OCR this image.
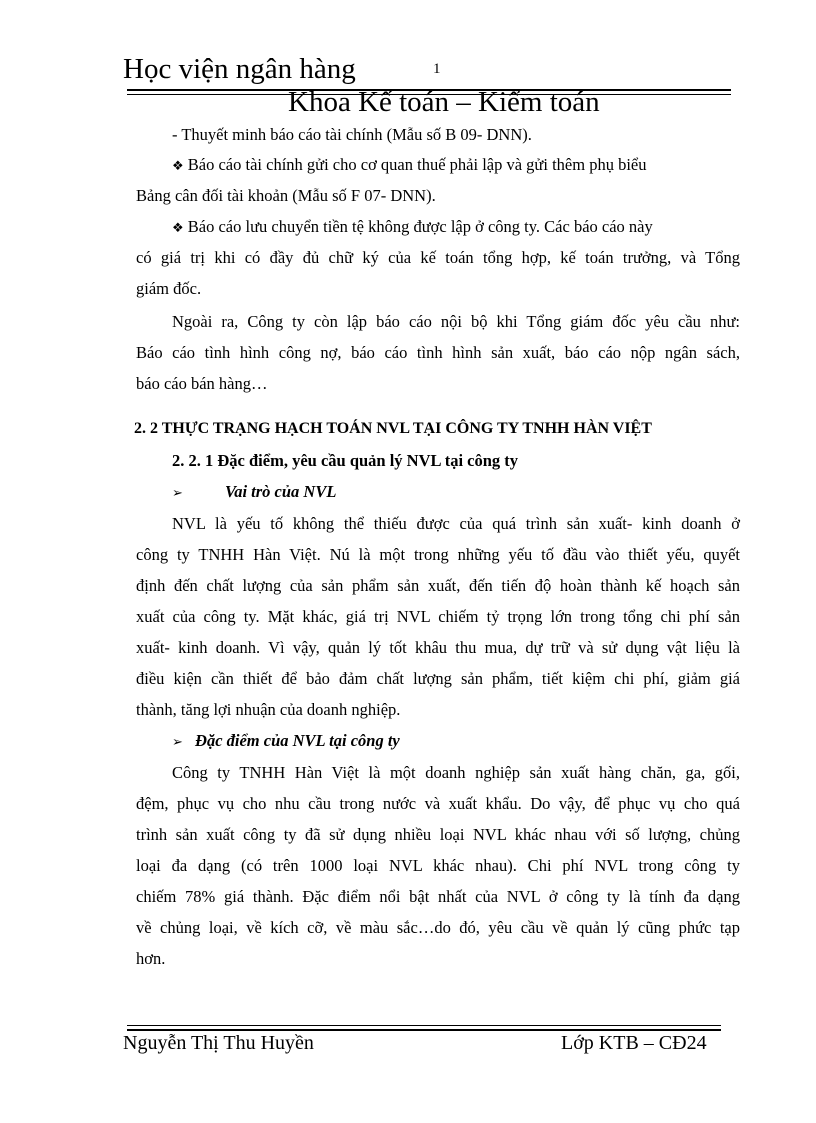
Học viện ngân hàng	1
Khoa Kế toán – Kiểm toán
- Thuyết minh báo cáo tài chính (Mẫu số B 09- DNN).
❖ Báo cáo tài chính gửi cho cơ quan thuế phải lập và gửi thêm phụ biểu
Bảng cân đối tài khoản (Mẫu số F 07- DNN).
❖ Báo cáo lưu chuyển tiền tệ không được lập ở công ty. Các báo cáo này
có giá trị khi có đầy đủ chữ ký của kế toán tổng hợp, kế toán trưởng, và Tổng
giám đốc.
Ngoài ra, Công ty còn lập báo cáo nội bộ khi Tổng giám đốc yêu cầu như:
Báo cáo tình hình công nợ, báo cáo tình hình sản xuất, báo cáo nộp ngân sách,
báo cáo bán hàng…
2. 2 THỰC TRẠNG HẠCH TOÁN NVL TẠI CÔNG TY TNHH HÀN VIỆT
2. 2. 1 Đặc điểm, yêu cầu quản lý NVL tại công ty
➢	Vai trò của NVL
NVL là yếu tố không thể thiếu được của quá trình sản xuất- kinh doanh ở
công ty TNHH Hàn Việt. Nú là một trong những yếu tố đầu vào thiết yếu, quyết
định đến chất lượng của sản phẩm sản xuất, đến tiến độ hoàn thành kế hoạch sản
xuất của công ty. Mặt khác, giá trị NVL chiếm tỷ trọng lớn trong tổng chi phí sản
xuất- kinh doanh. Vì vậy, quản lý tốt khâu thu mua, dự trữ và sử dụng vật liệu là
điều kiện cần thiết để bảo đảm chất lượng sản phẩm, tiết kiệm chi phí, giảm giá
thành, tăng lợi nhuận của doanh nghiệp.
➢ Đặc điểm của NVL tại công ty
Công ty TNHH Hàn Việt là một doanh nghiệp sản xuất hàng chăn, ga, gối,
đệm, phục vụ cho nhu cầu trong nước và xuất khẩu. Do vậy, để phục vụ cho quá
trình sản xuất công ty đã sử dụng nhiều loại NVL khác nhau với số lượng, chủng
loại đa dạng (có trên 1000 loại NVL khác nhau). Chi phí NVL trong công ty
chiếm 78% giá thành. Đặc điểm nổi bật nhất của NVL ở công ty là tính đa dạng
về chủng loại, về kích cỡ, về màu sắc…do đó, yêu cầu về quản lý cũng phức tạp
hơn.
Nguyễn Thị Thu Huyền	Lớp KTB – CĐ24
